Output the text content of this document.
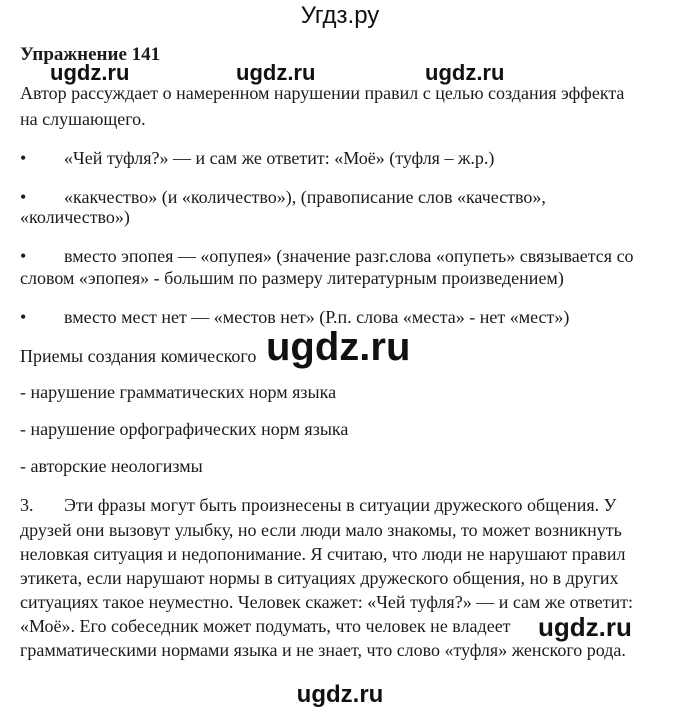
Угдз.ру
Упражнение 141
ugdz.ru	ugdz.ru	ugdz.ru
Автор рассуждает о намеренном нарушении правил с целью создания эффекта
на слушающего.
• «Чей туфля?» — и сам же ответит: «Моё» (туфля – ж.р.)
• «какчество» (и «количество»), (правописание слов «качество»,
«количество»)
• вместо эпопея — «опупея» (значение разг.слова «опупеть» связывается со
словом «эпопея» - большим по размеру литературным произведением)
• вместо мест нет — «местов нет» (Р.п. слова «места» - нет «мест»)
Приемы создания комического ugdz.ru
- нарушение грамматических норм языка
- нарушение орфографических норм языка
- авторские неологизмы
3. Эти фразы могут быть произнесены в ситуации дружеского общения. У
друзей они вызовут улыбку, но если люди мало знакомы, то может возникнуть
неловкая ситуация и недопонимание. Я считаю, что люди не нарушают правил
этикета, если нарушают нормы в ситуациях дружеского общения, но в других
ситуациях такое неуместно. Человек скажет: «Чей туфля?» — и сам же ответит:
«Моё». Его собеседник может подумать, что человек не владеет ugdz.ru
грамматическими нормами языка и не знает, что слово «туфля» женского рода.
ugdz.ru
